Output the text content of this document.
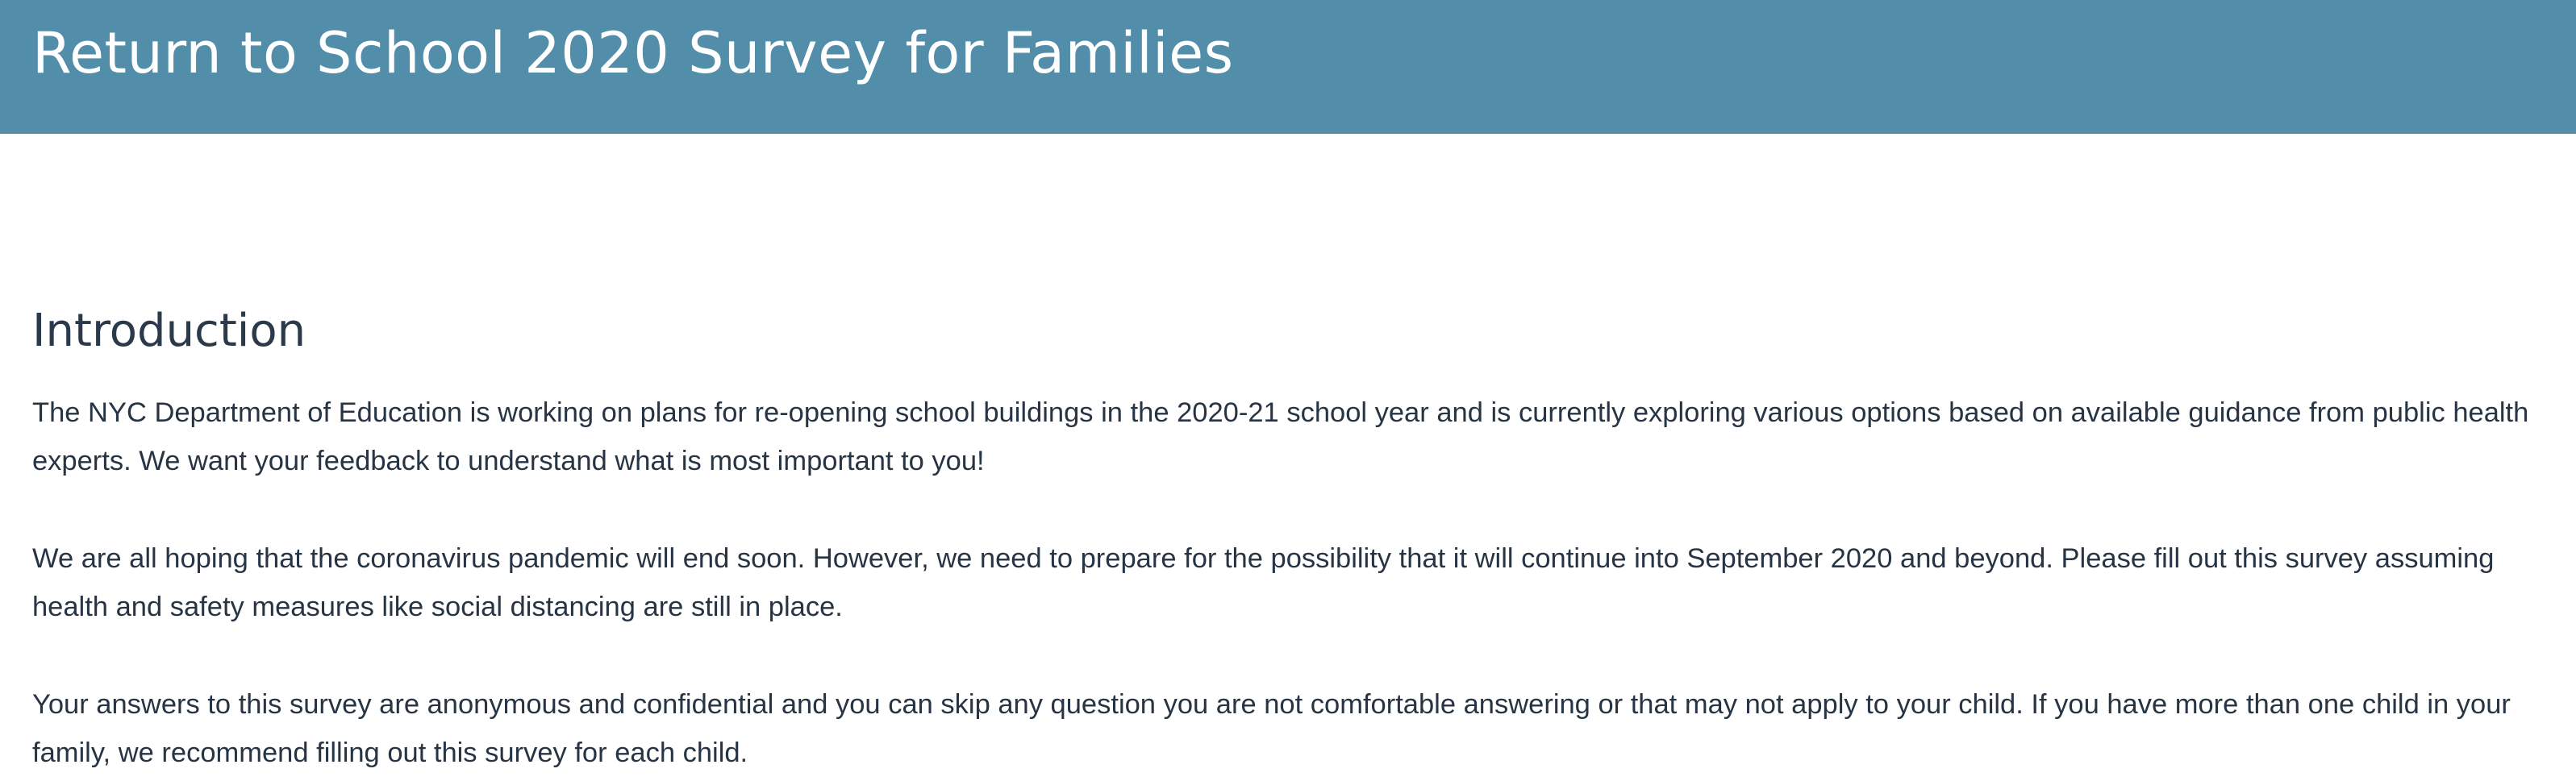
Return to School 2020 Survey for Families
Introduction

The NYC Department of Education is working on plans for re-opening school buildings in the 2020-21 school year and is currently exploring various options based on available guidance from public health experts. We want your feedback to understand what is most important to you!

We are all hoping that the coronavirus pandemic will end soon. However, we need to prepare for the possibility that it will continue into September 2020 and beyond. Please fill out this survey assuming health and safety measures like social distancing are still in place.

Your answers to this survey are anonymous and confidential and you can skip any question you are not comfortable answering or that may not apply to your child. If you have more than one child in your family, we recommend filling out this survey for each child.
